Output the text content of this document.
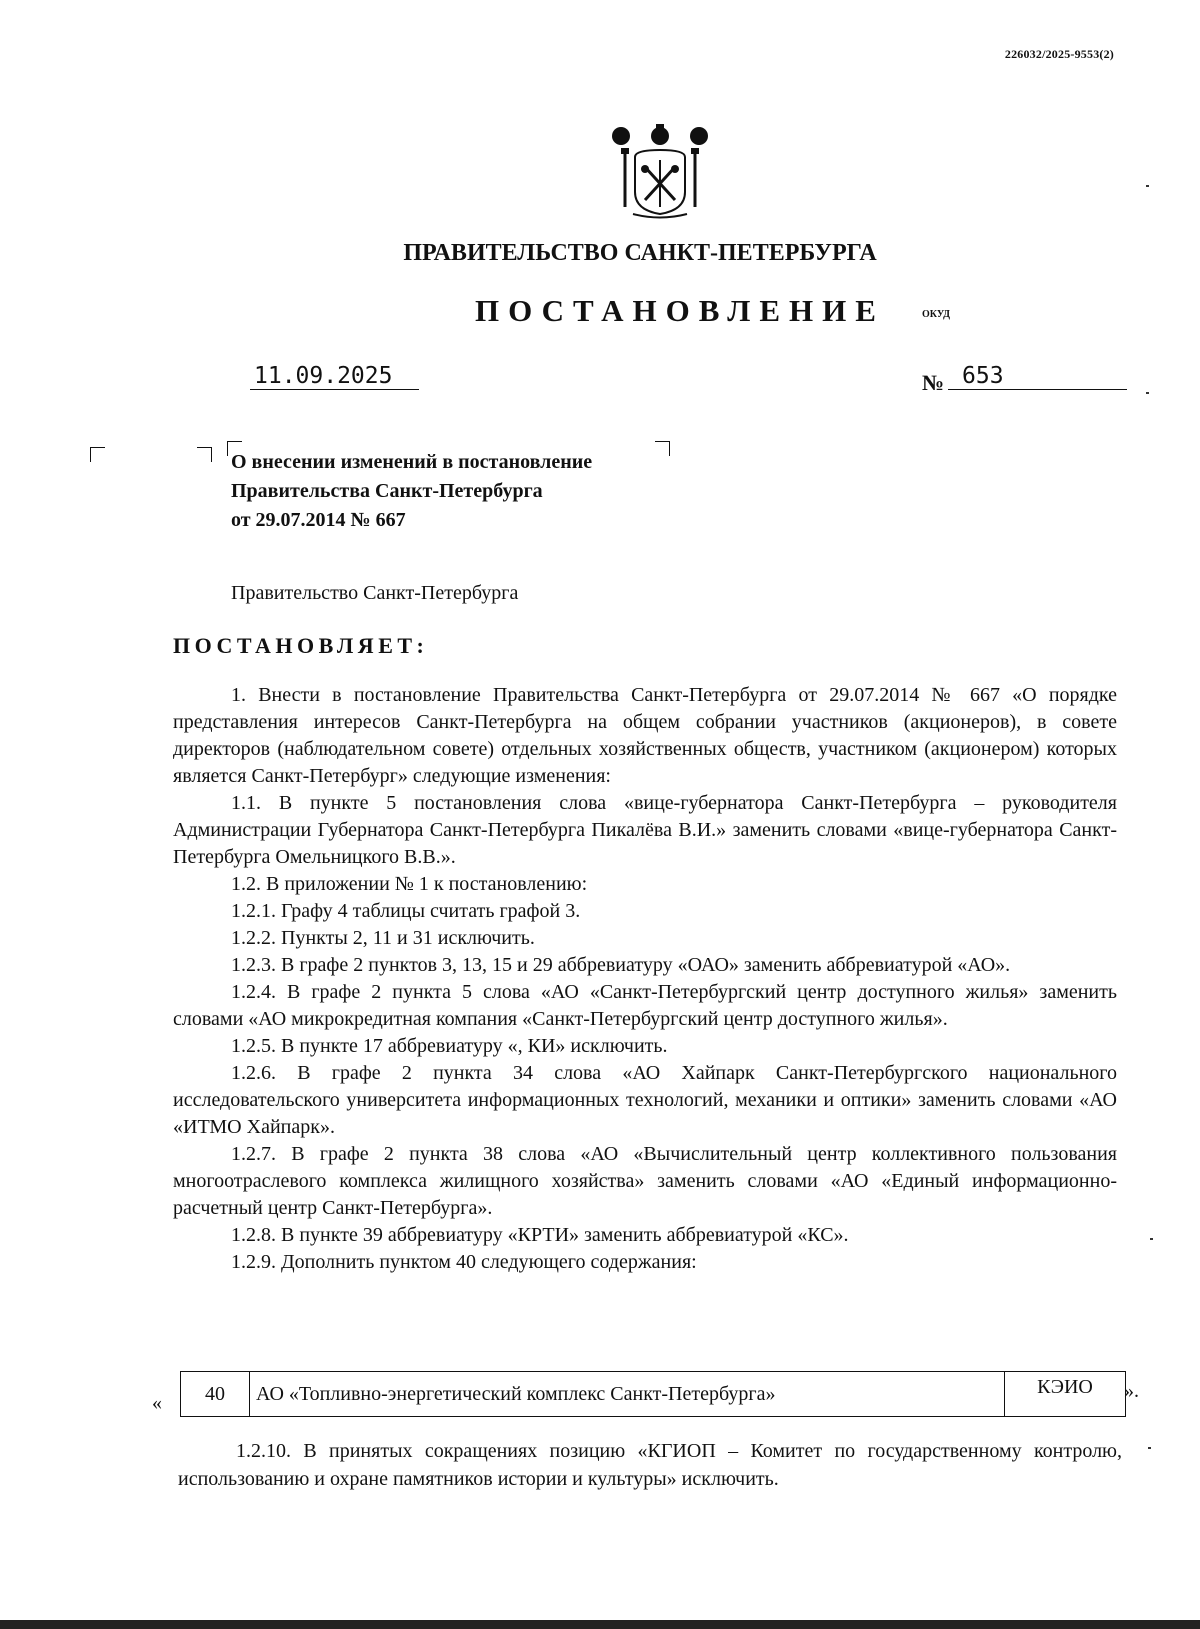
226032/2025-9553(2)
ПРАВИТЕЛЬСТВО САНКТ-ПЕТЕРБУРГА
ПОСТАНОВЛЕНИЕ	ОКУД
11.09.2025	№ 653
О внесении изменений в постановление
Правительства Санкт-Петербурга
от 29.07.2014 № 667
Правительство Санкт-Петербурга
ПОСТАНОВЛЯЕТ:

1. Внести в постановление Правительства Санкт-Петербурга от 29.07.2014 № 667 «О порядке представления интересов Санкт-Петербурга на общем собрании участников (акционеров), в совете директоров (наблюдательном совете) отдельных хозяйственных обществ, участником (акционером) которых является Санкт-Петербург» следующие изменения:

1.1. В пункте 5 постановления слова «вице-губернатора Санкт-Петербурга – руководителя Администрации Губернатора Санкт-Петербурга Пикалёва В.И.» заменить словами «вице-губернатора Санкт-Петербурга Омельницкого В.В.».

1.2. В приложении № 1 к постановлению:

1.2.1. Графу 4 таблицы считать графой 3.

1.2.2. Пункты 2, 11 и 31 исключить.

1.2.3. В графе 2 пунктов 3, 13, 15 и 29 аббревиатуру «ОАО» заменить аббревиатурой «АО».

1.2.4. В графе 2 пункта 5 слова «АО «Санкт-Петербургский центр доступного жилья» заменить словами «АО микрокредитная компания «Санкт-Петербургский центр доступного жилья».

1.2.5. В пункте 17 аббревиатуру «, КИ» исключить.

1.2.6. В графе 2 пункта 34 слова «АО Хайпарк Санкт-Петербургского национального исследовательского университета информационных технологий, механики и оптики» заменить словами «АО «ИТМО Хайпарк».

1.2.7. В графе 2 пункта 38 слова «АО «Вычислительный центр коллективного пользования многоотраслевого комплекса жилищного хозяйства» заменить словами «АО «Единый информационно-расчетный центр Санкт-Петербурга».

1.2.8. В пункте 39 аббревиатуру «КРТИ» заменить аббревиатурой «КС».

1.2.9. Дополнить пунктом 40 следующего содержания:

« 40	АО «Топливно-энергетический комплекс Санкт-Петербурга»	КЭИО ».

1.2.10. В принятых сокращениях позицию «КГИОП – Комитет по государственному контролю, использованию и охране памятников истории и культуры» исключить.
